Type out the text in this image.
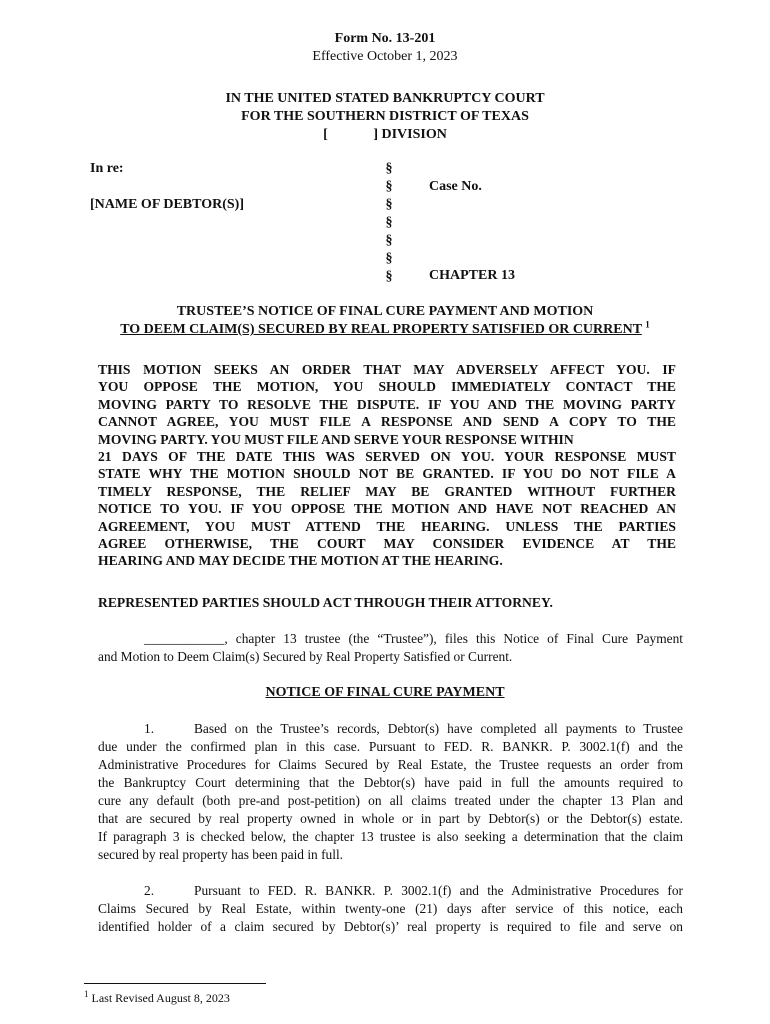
Form No. 13-201
Effective October 1, 2023
IN THE UNITED STATED BANKRUPTCY COURT
FOR THE SOUTHERN DISTRICT OF TEXAS
[             ] DIVISION
In re:
[NAME OF DEBTOR(S)]
§
§
§
§
§
§
§
Case No.
CHAPTER 13
TRUSTEE’S NOTICE OF FINAL CURE PAYMENT AND MOTION
TO DEEM CLAIM(S) SECURED BY REAL PROPERTY SATISFIED OR CURRENT $^1$
THIS MOTION SEEKS AN ORDER THAT MAY ADVERSELY AFFECT YOU. IF
YOU OPPOSE THE MOTION, YOU SHOULD IMMEDIATELY CONTACT THE
MOVING PARTY TO RESOLVE THE DISPUTE. IF YOU AND THE MOVING PARTY
CANNOT AGREE, YOU MUST FILE A RESPONSE AND SEND A COPY TO THE
MOVING PARTY. YOU MUST FILE AND SERVE YOUR RESPONSE WITHIN
21 DAYS OF THE DATE THIS WAS SERVED ON YOU. YOUR RESPONSE MUST
STATE WHY THE MOTION SHOULD NOT BE GRANTED. IF YOU DO NOT FILE A
TIMELY RESPONSE, THE RELIEF MAY BE GRANTED WITHOUT FURTHER
NOTICE TO YOU. IF YOU OPPOSE THE MOTION AND HAVE NOT REACHED AN
AGREEMENT, YOU MUST ATTEND THE HEARING. UNLESS THE PARTIES
AGREE OTHERWISE, THE COURT MAY CONSIDER EVIDENCE AT THE
HEARING AND MAY DECIDE THE MOTION AT THE HEARING.
REPRESENTED PARTIES SHOULD ACT THROUGH THEIR ATTORNEY.
____________, chapter 13 trustee (the “Trustee”), files this Notice of Final Cure Payment
and Motion to Deem Claim(s) Secured by Real Property Satisfied or Current.
NOTICE OF FINAL CURE PAYMENT
1.	Based on the Trustee’s records, Debtor(s) have completed all payments to Trustee
due under the confirmed plan in this case. Pursuant to FED. R. BANKR. P. 3002.1(f) and the
Administrative Procedures for Claims Secured by Real Estate, the Trustee requests an order from
the Bankruptcy Court determining that the Debtor(s) have paid in full the amounts required to
cure any default (both pre-and post-petition) on all claims treated under the chapter 13 Plan and
that are secured by real property owned in whole or in part by Debtor(s) or the Debtor(s) estate.
If paragraph 3 is checked below, the chapter 13 trustee is also seeking a determination that the claim
secured by real property has been paid in full.
2.	Pursuant to FED. R. BANKR. P. 3002.1(f) and the Administrative Procedures for
Claims Secured by Real Estate, within twenty-one (21) days after service of this notice, each
identified holder of a claim secured by Debtor(s)’ real property is required to file and serve on
$^1$ Last Revised August 8, 2023
